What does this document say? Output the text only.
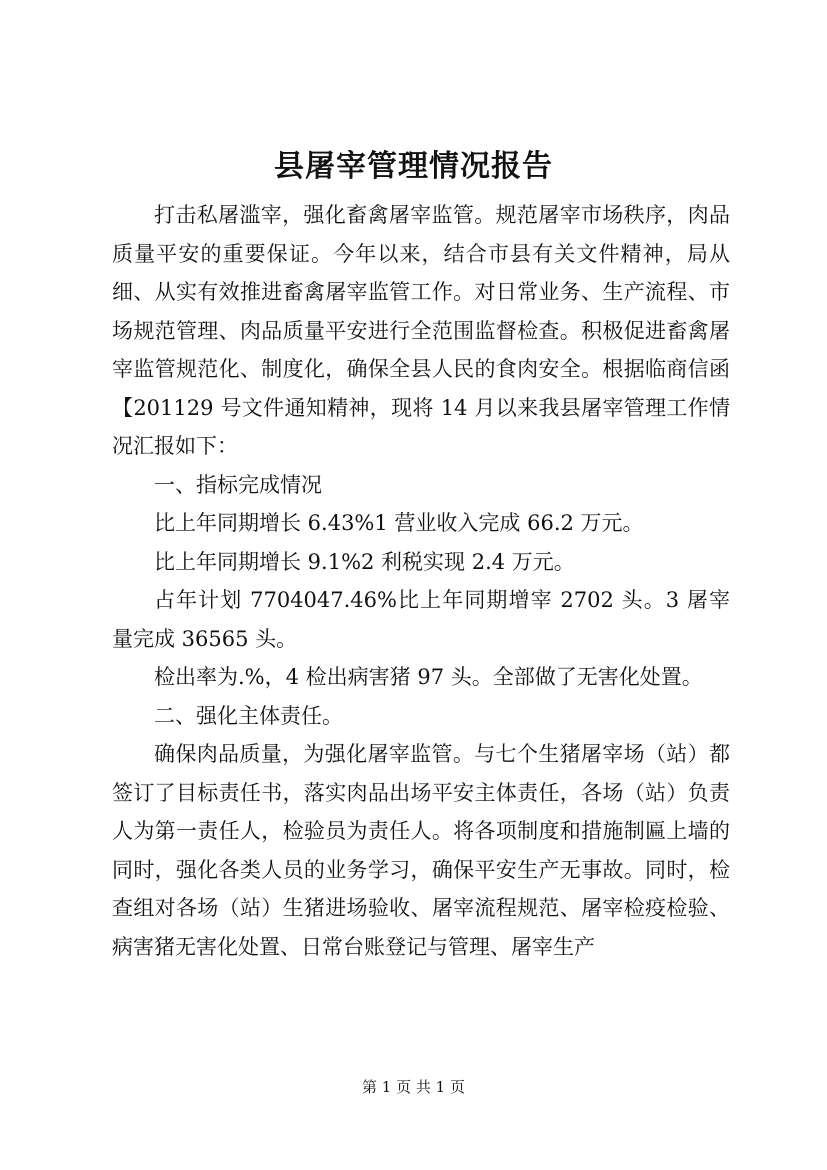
县屠宰管理情况报告

打击私屠滥宰，强化畜禽屠宰监管。规范屠宰市场秩序，肉品质量平安的重要保证。今年以来，结合市县有关文件精神，局从细、从实有效推进畜禽屠宰监管工作。对日常业务、生产流程、市场规范管理、肉品质量平安进行全范围监督检查。积极促进畜禽屠宰监管规范化、制度化，确保全县人民的食肉安全。根据临商信函【201129 号文件通知精神，现将 14 月以来我县屠宰管理工作情况汇报如下：

一、指标完成情况

比上年同期增长 6.43%1 营业收入完成 66.2 万元。

比上年同期增长 9.1%2 利税实现 2.4 万元。

占年计划 7704047.46%比上年同期增宰 2702 头。3 屠宰量完成 36565 头。

检出率为.%，4 检出病害猪 97 头。全部做了无害化处置。

二、强化主体责任。

确保肉品质量，为强化屠宰监管。与七个生猪屠宰场（站）都签订了目标责任书，落实肉品出场平安主体责任，各场（站）负责人为第一责任人，检验员为责任人。将各项制度和措施制匾上墙的同时，强化各类人员的业务学习，确保平安生产无事故。同时，检查组对各场（站）生猪进场验收、屠宰流程规范、屠宰检疫检验、病害猪无害化处置、日常台账登记与管理、屠宰生产

第 1 页 共 1 页
